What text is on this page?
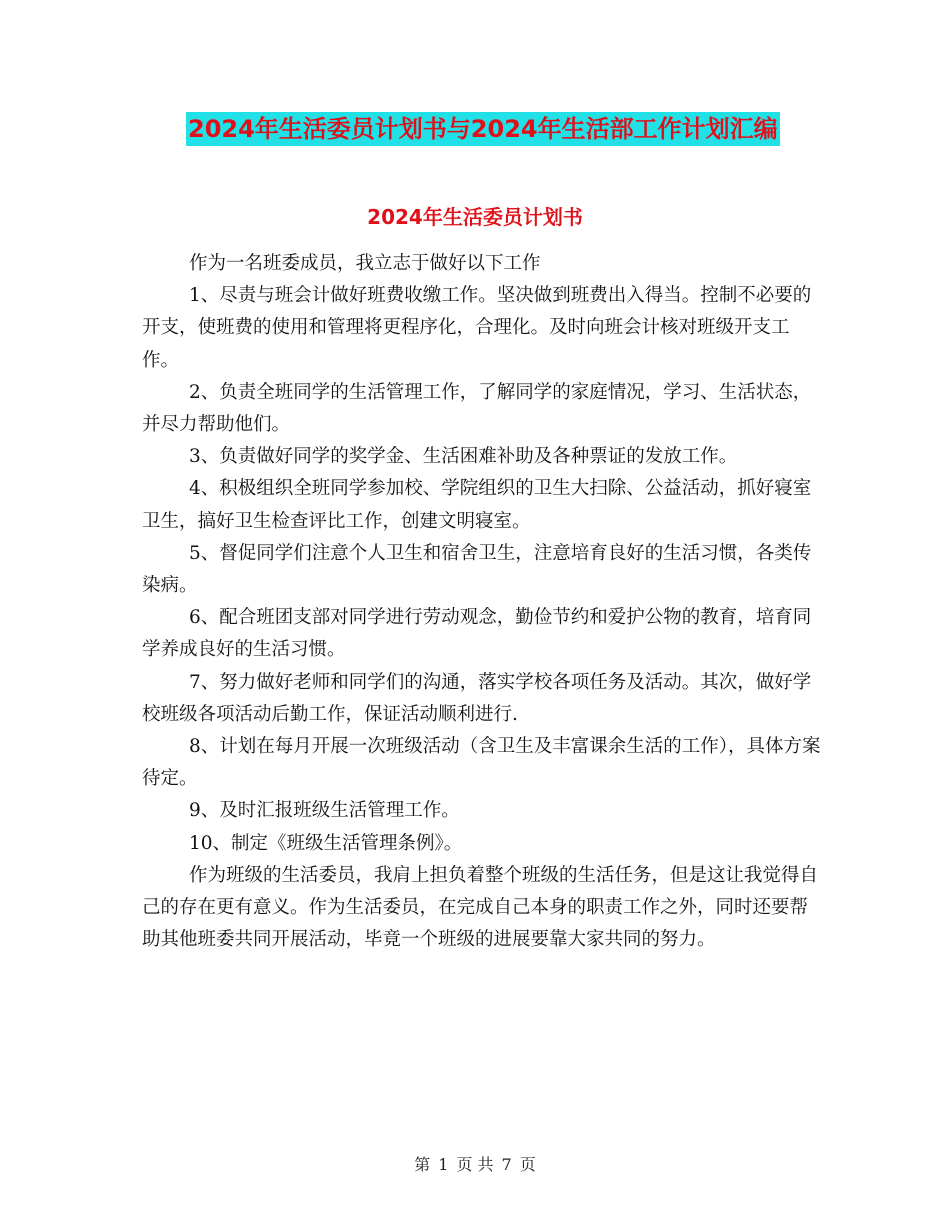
2024年生活委员计划书与2024年生活部工作计划汇编
2024年生活委员计划书

作为一名班委成员，我立志于做好以下工作

1、尽责与班会计做好班费收缴工作。坚决做到班费出入得当。控制不必要的开支，使班费的使用和管理将更程序化，合理化。及时向班会计核对班级开支工作。

2、负责全班同学的生活管理工作，了解同学的家庭情况，学习、生活状态，并尽力帮助他们。

3、负责做好同学的奖学金、生活困难补助及各种票证的发放工作。

4、积极组织全班同学参加校、学院组织的卫生大扫除、公益活动，抓好寝室卫生，搞好卫生检查评比工作，创建文明寝室。

5、督促同学们注意个人卫生和宿舍卫生，注意培育良好的生活习惯，各类传染病。

6、配合班团支部对同学进行劳动观念，勤俭节约和爱护公物的教育，培育同学养成良好的生活习惯。

7、努力做好老师和同学们的沟通，落实学校各项任务及活动。其次，做好学校班级各项活动后勤工作，保证活动顺利进行.

8、计划在每月开展一次班级活动（含卫生及丰富课余生活的工作），具体方案待定。

9、及时汇报班级生活管理工作。

10、制定《班级生活管理条例》。

作为班级的生活委员，我肩上担负着整个班级的生活任务，但是这让我觉得自己的存在更有意义。作为生活委员，在完成自己本身的职责工作之外，同时还要帮助其他班委共同开展活动，毕竟一个班级的进展要靠大家共同的努力。

第 1 页 共 7 页
